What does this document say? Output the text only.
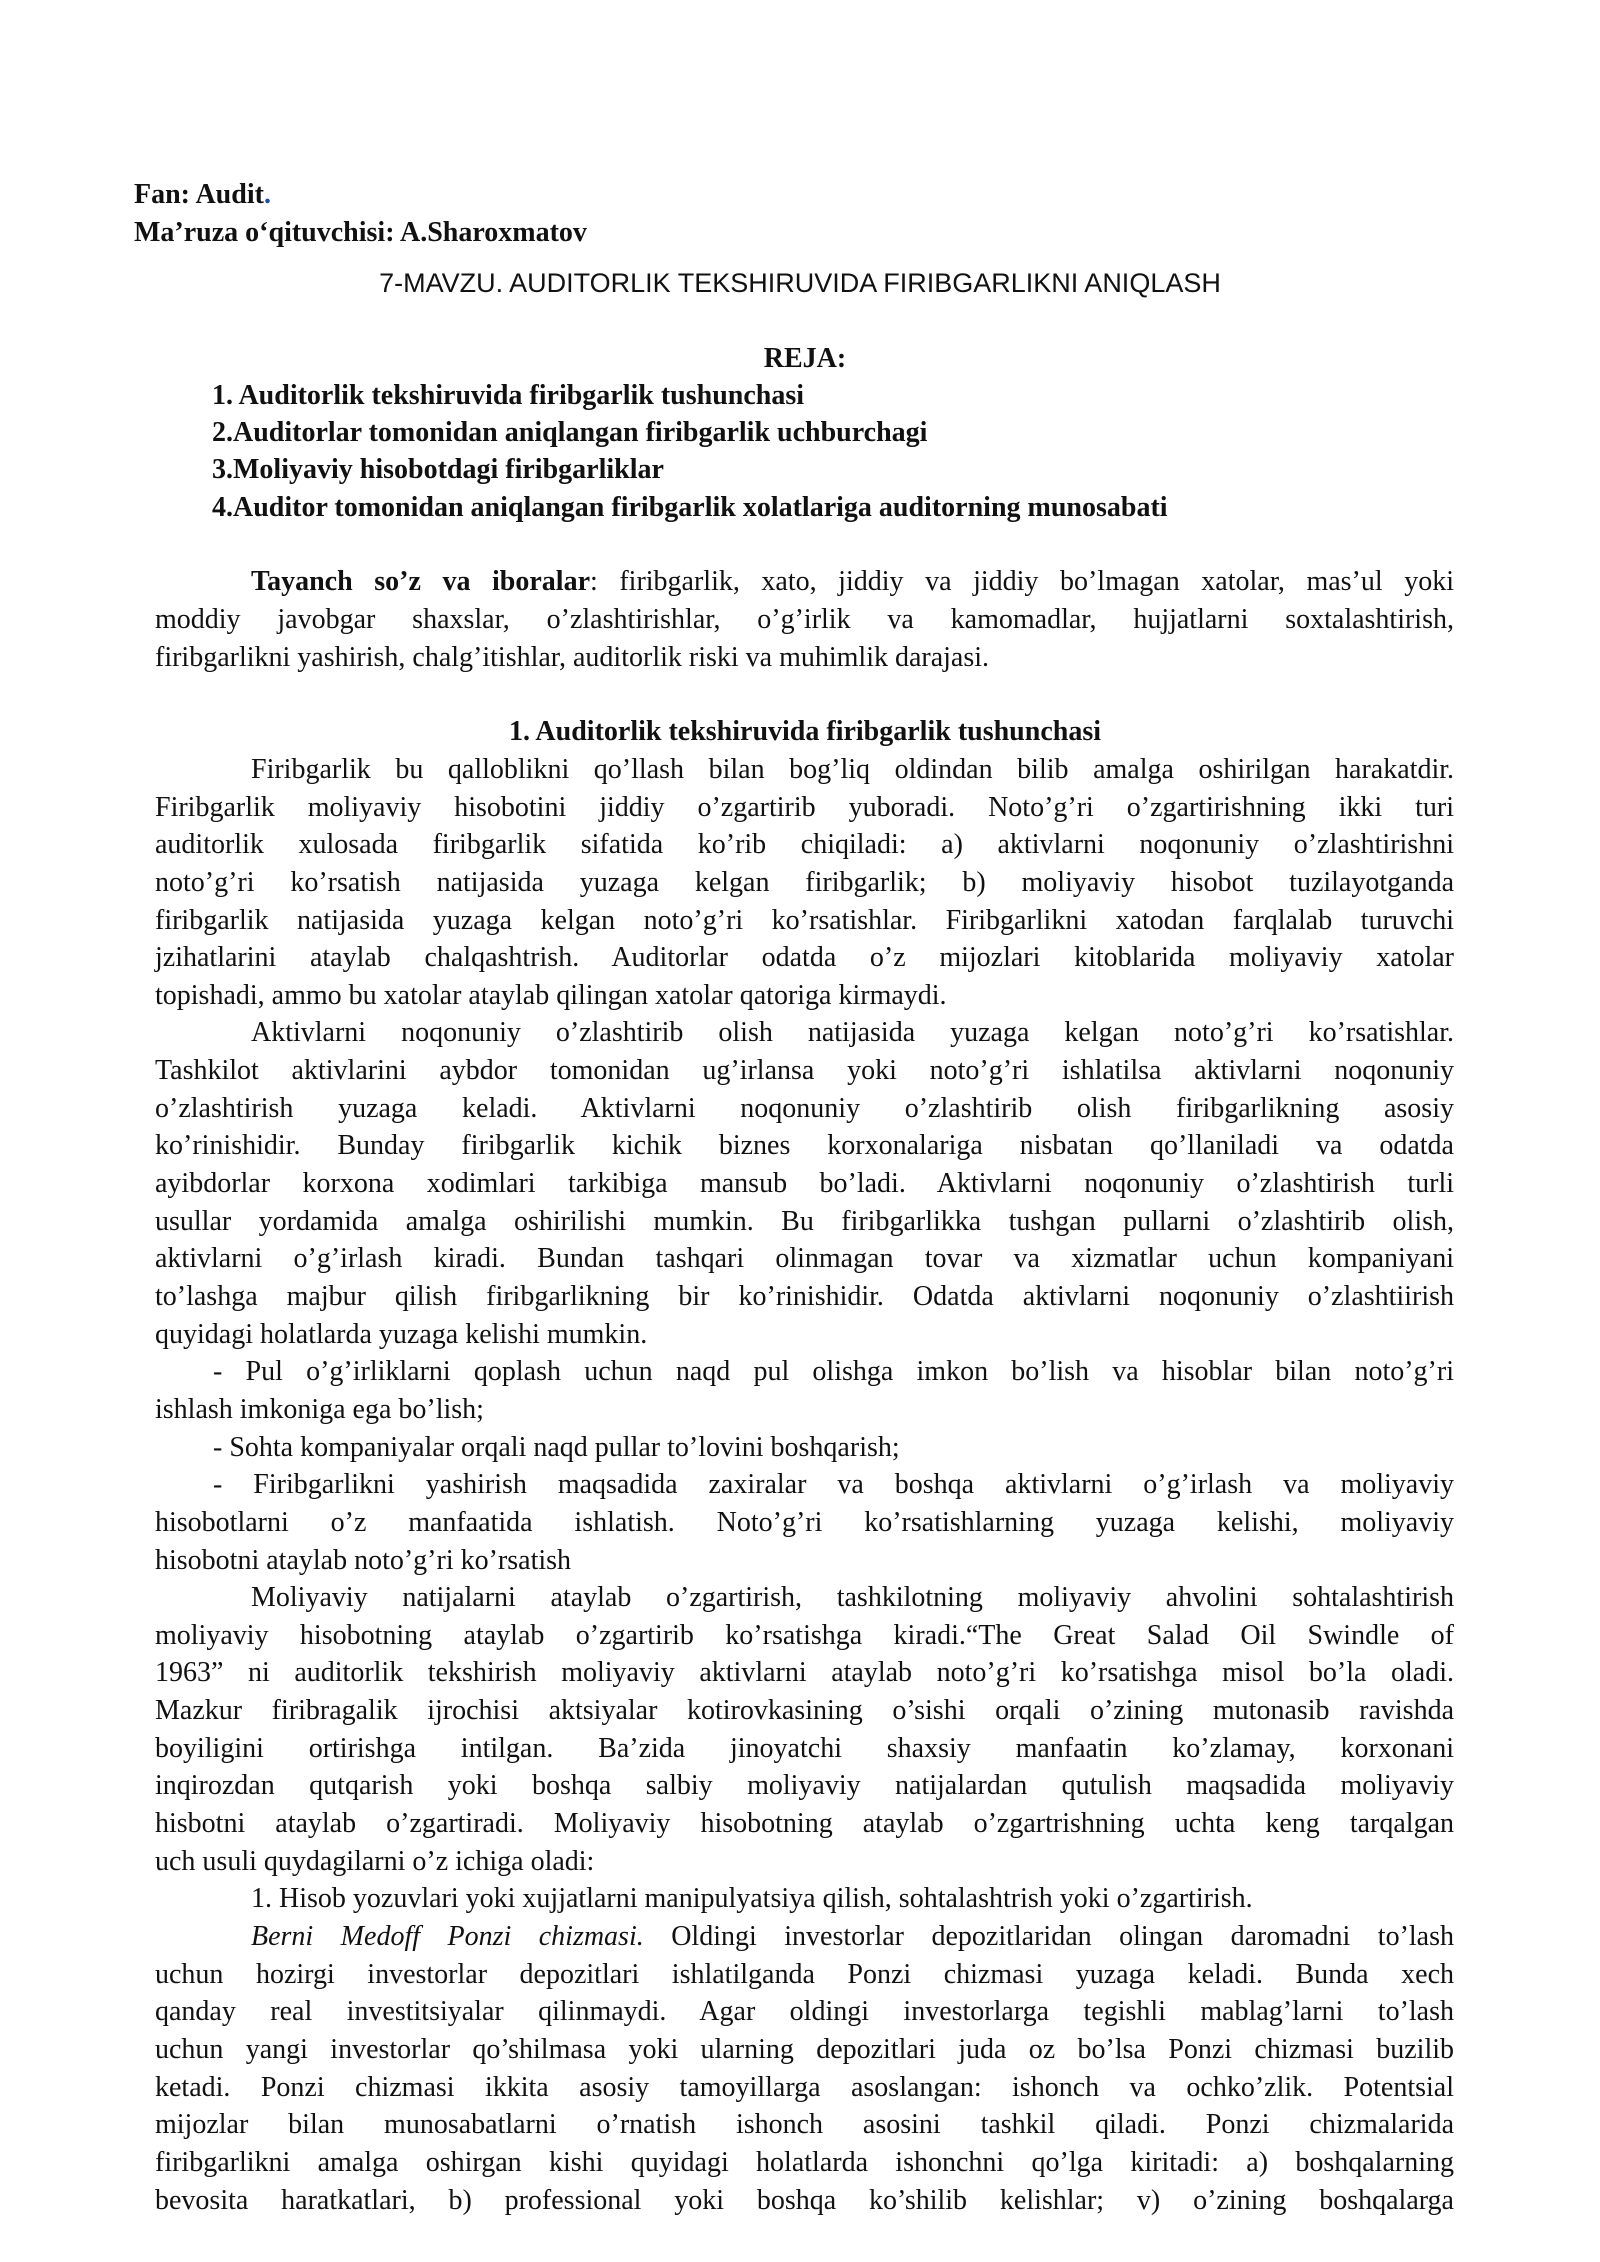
Fan: Audit.
Ma’ruza o‘qituvchisi: A.Sharoxmatov
7-MAVZU. AUDITORLIK TEKSHIRUVIDA FIRIBGARLIKNI ANIQLASH
REJA:
1. Auditorlik tekshiruvida firibgarlik tushunchasi
2.Auditorlar tomonidan aniqlangan firibgarlik uchburchagi
3.Moliyaviy hisobotdagi firibgarliklar
4.Auditor tomonidan aniqlangan firibgarlik xolatlariga auditorning munosabati
Tayanch so’z va iboralar: firibgarlik, xato, jiddiy va jiddiy bo’lmagan xatolar, mas’ul yoki
moddiy javobgar shaxslar, o’zlashtirishlar, o’g’irlik va kamomadlar, hujjatlarni soxtalashtirish,
firibgarlikni yashirish, chalg’itishlar, auditorlik riski va muhimlik darajasi.
1. Auditorlik tekshiruvida firibgarlik tushunchasi
Firibgarlik bu qalloblikni qo’llash bilan bog’liq oldindan bilib amalga oshirilgan harakatdir.
Firibgarlik moliyaviy hisobotini jiddiy o’zgartirib yuboradi. Noto’g’ri o’zgartirishning ikki turi
auditorlik xulosada firibgarlik sifatida ko’rib chiqiladi: a) aktivlarni noqonuniy o’zlashtirishni
noto’g’ri ko’rsatish natijasida yuzaga kelgan firibgarlik; b) moliyaviy hisobot tuzilayotganda
firibgarlik natijasida yuzaga kelgan noto’g’ri ko’rsatishlar. Firibgarlikni xatodan farqlalab turuvchi
jzihatlarini ataylab chalqashtrish. Auditorlar odatda o’z mijozlari kitoblarida moliyaviy xatolar
topishadi, ammo bu xatolar ataylab qilingan xatolar qatoriga kirmaydi.
Aktivlarni noqonuniy o’zlashtirib olish natijasida yuzaga kelgan noto’g’ri ko’rsatishlar.
Tashkilot aktivlarini aybdor tomonidan ug’irlansa yoki noto’g’ri ishlatilsa aktivlarni noqonuniy
o’zlashtirish yuzaga keladi. Aktivlarni noqonuniy o’zlashtirib olish firibgarlikning asosiy
ko’rinishidir. Bunday firibgarlik kichik biznes korxonalariga nisbatan qo’llaniladi va odatda
ayibdorlar korxona xodimlari tarkibiga mansub bo’ladi. Aktivlarni noqonuniy o’zlashtirish turli
usullar yordamida amalga oshirilishi mumkin. Bu firibgarlikka tushgan pullarni o’zlashtirib olish,
aktivlarni o’g’irlash kiradi. Bundan tashqari olinmagan tovar va xizmatlar uchun kompaniyani
to’lashga majbur qilish firibgarlikning bir ko’rinishidir. Odatda aktivlarni noqonuniy o’zlashtiirish
quyidagi holatlarda yuzaga kelishi mumkin.
- Pul o’g’irliklarni qoplash uchun naqd pul olishga imkon bo’lish va hisoblar bilan noto’g’ri
ishlash imkoniga ega bo’lish;
- Sohta kompaniyalar orqali naqd pullar to’lovini boshqarish;
- Firibgarlikni yashirish maqsadida zaxiralar va boshqa aktivlarni o’g’irlash va moliyaviy
hisobotlarni o’z manfaatida ishlatish. Noto’g’ri ko’rsatishlarning yuzaga kelishi, moliyaviy
hisobotni ataylab noto’g’ri ko’rsatish
Moliyaviy natijalarni ataylab o’zgartirish, tashkilotning moliyaviy ahvolini sohtalashtirish
moliyaviy hisobotning ataylab o’zgartirib ko’rsatishga kiradi.“The Great Salad Oil Swindle of
1963” ni auditorlik tekshirish moliyaviy aktivlarni ataylab noto’g’ri ko’rsatishga misol bo’la oladi.
Mazkur firibragalik ijrochisi aktsiyalar kotirovkasining o’sishi orqali o’zining mutonasib ravishda
boyiligini ortirishga intilgan. Ba’zida jinoyatchi shaxsiy manfaatin ko’zlamay, korxonani
inqirozdan qutqarish yoki boshqa salbiy moliyaviy natijalardan qutulish maqsadida moliyaviy
hisbotni ataylab o’zgartiradi. Moliyaviy hisobotning ataylab o’zgartrishning uchta keng tarqalgan
uch usuli quydagilarni o’z ichiga oladi:
1. Hisob yozuvlari yoki xujjatlarni manipulyatsiya qilish, sohtalashtrish yoki o’zgartirish.
Berni Medoff Ponzi chizmasi. Oldingi investorlar depozitlaridan olingan daromadni to’lash
uchun hozirgi investorlar depozitlari ishlatilganda Ponzi chizmasi yuzaga keladi. Bunda xech
qanday real investitsiyalar qilinmaydi. Agar oldingi investorlarga tegishli mablag’larni to’lash
uchun yangi investorlar qo’shilmasa yoki ularning depozitlari juda oz bo’lsa Ponzi chizmasi buzilib
ketadi. Ponzi chizmasi ikkita asosiy tamoyillarga asoslangan: ishonch va ochko’zlik. Potentsial
mijozlar bilan munosabatlarni o’rnatish ishonch asosini tashkil qiladi. Ponzi chizmalarida
firibgarlikni amalga oshirgan kishi quyidagi holatlarda ishonchni qo’lga kiritadi: a) boshqalarning
bevosita haratkatlari, b) professional yoki boshqa ko’shilib kelishlar; v) o’zining boshqalarga
